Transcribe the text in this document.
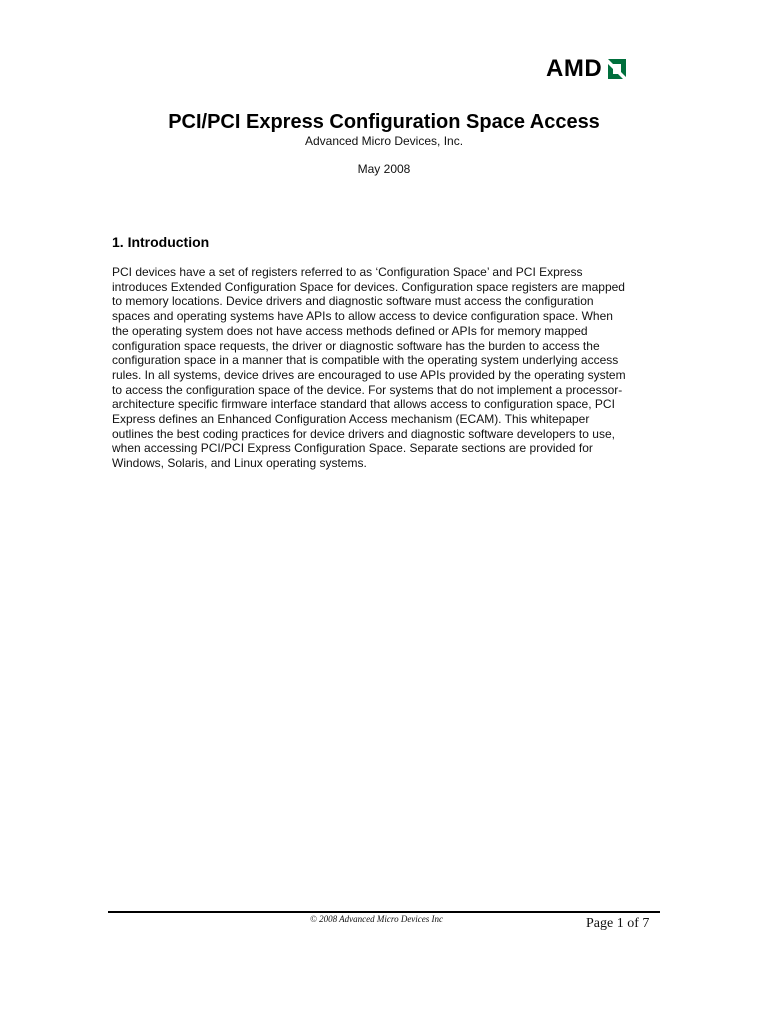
AMD
PCI/PCI Express Configuration Space Access

Advanced Micro Devices, Inc.

May 2008

1. Introduction

PCI devices have a set of registers referred to as ‘Configuration Space’ and PCI Express
introduces Extended Configuration Space for devices. Configuration space registers are mapped
to memory locations. Device drivers and diagnostic software must access the configuration
spaces and operating systems have APIs to allow access to device configuration space. When
the operating system does not have access methods defined or APIs for memory mapped
configuration space requests, the driver or diagnostic software has the burden to access the
configuration space in a manner that is compatible with the operating system underlying access
rules. In all systems, device drives are encouraged to use APIs provided by the operating system
to access the configuration space of the device. For systems that do not implement a processor-
architecture specific firmware interface standard that allows access to configuration space, PCI
Express defines an Enhanced Configuration Access mechanism (ECAM). This whitepaper
outlines the best coding practices for device drivers and diagnostic software developers to use,
when accessing PCI/PCI Express Configuration Space. Separate sections are provided for
Windows, Solaris, and Linux operating systems.

© 2008 Advanced Micro Devices Inc	Page 1 of 7
